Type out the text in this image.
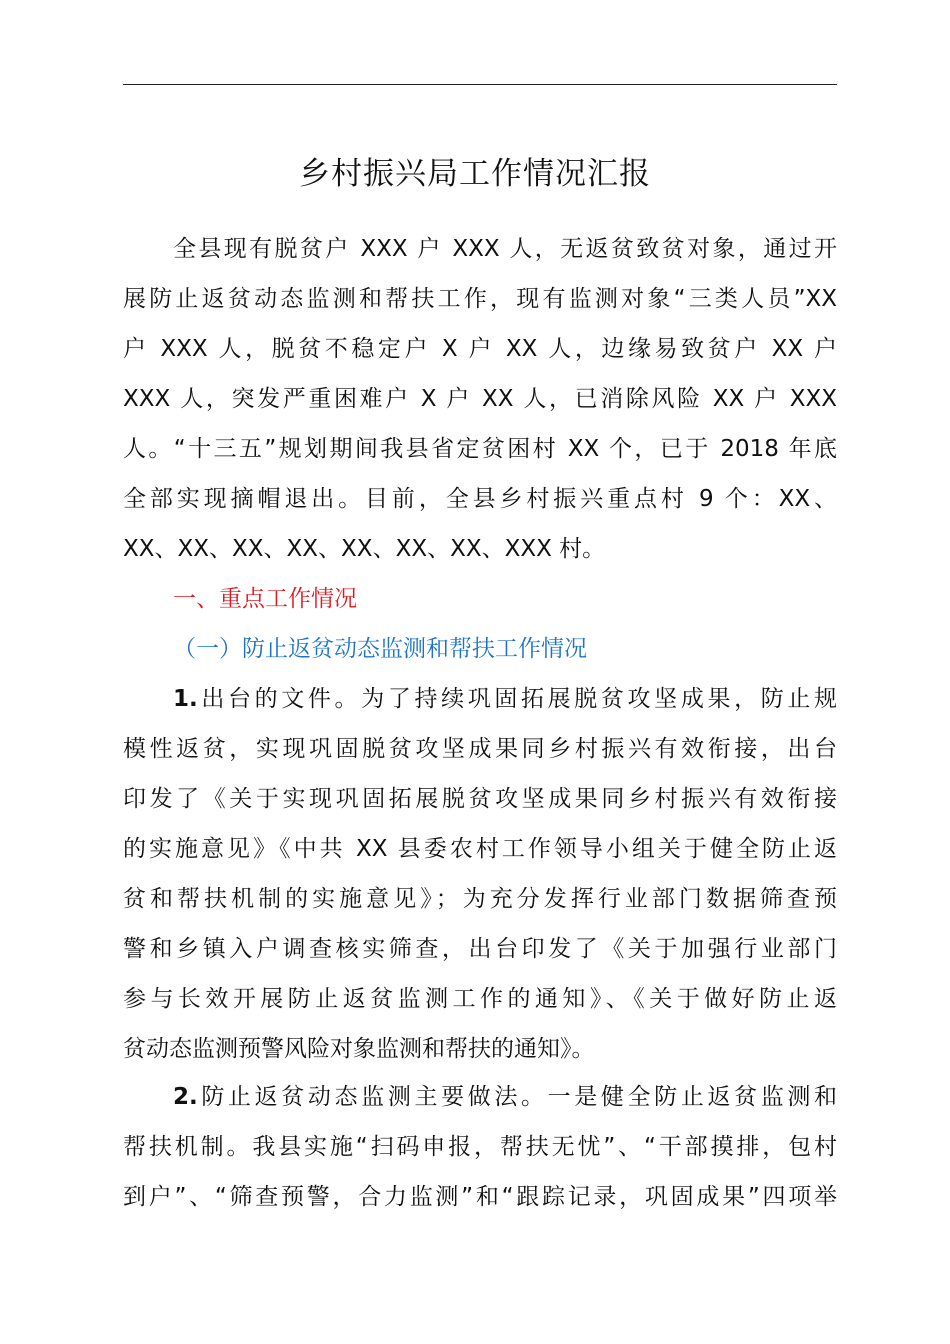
乡村振兴局工作情况汇报
全县现有脱贫户 XXX 户 XXX 人，无返贫致贫对象，通过开
展防止返贫动态监测和帮扶工作，现有监测对象“三类人员”XX
户 XXX 人，脱贫不稳定户 X 户 XX 人，边缘易致贫户 XX 户
XXX 人，突发严重困难户 X 户 XX 人，已消除风险 XX 户 XXX
人。“十三五”规划期间我县省定贫困村 XX 个，已于 2018 年底
全部实现摘帽退出。目前，全县乡村振兴重点村 9 个：XX、
XX、XX、XX、XX、XX、XX、XX、XXX 村。
一、重点工作情况
（一）防止返贫动态监测和帮扶工作情况
1.出台的文件。为了持续巩固拓展脱贫攻坚成果，防止规
模性返贫，实现巩固脱贫攻坚成果同乡村振兴有效衔接，出台
印发了《关于实现巩固拓展脱贫攻坚成果同乡村振兴有效衔接
的实施意见》《中共 XX 县委农村工作领导小组关于健全防止返
贫和帮扶机制的实施意见》；为充分发挥行业部门数据筛查预
警和乡镇入户调查核实筛查，出台印发了《关于加强行业部门
参与长效开展防止返贫监测工作的通知》、《关于做好防止返
贫动态监测预警风险对象监测和帮扶的通知》。
2.防止返贫动态监测主要做法。一是健全防止返贫监测和
帮扶机制。我县实施“扫码申报，帮扶无忧”、“干部摸排，包村
到户”、“筛查预警，合力监测”和“跟踪记录，巩固成果”四项举
